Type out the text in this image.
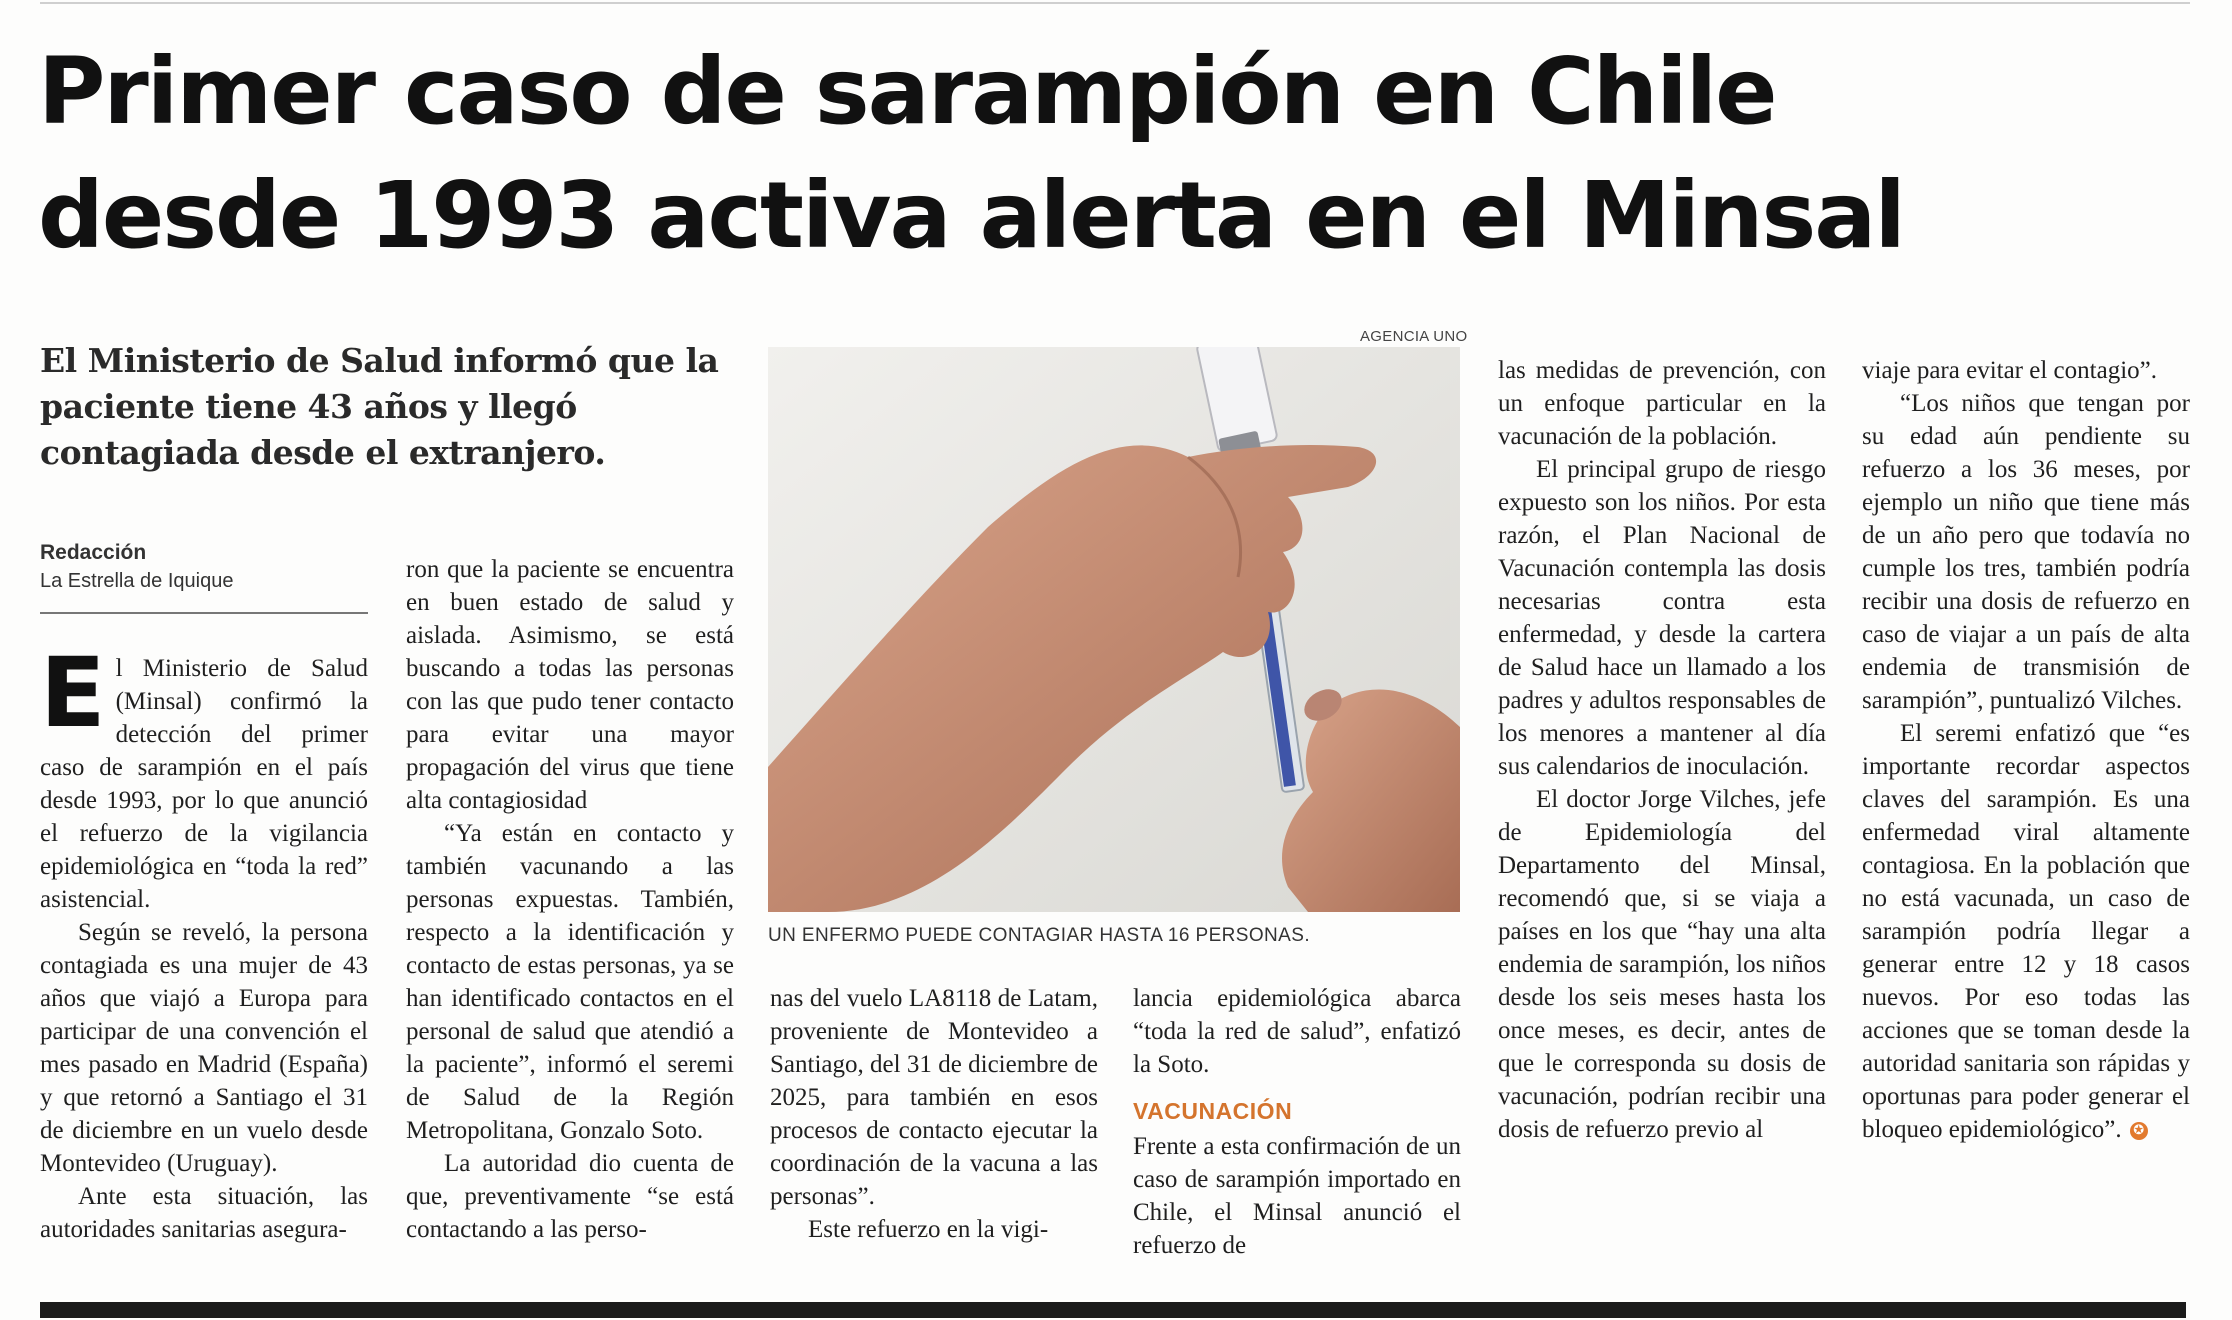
Primer caso de sarampión en Chile
desde 1993 activa alerta en el Minsal

El Ministerio de Salud informó que la paciente tiene 43 años y llegó contagiada desde el extranjero.

Redacción
La Estrella de Iquique

El Ministerio de Salud (Minsal) confirmó la detección del primer caso de sarampión en el país desde 1993, por lo que anunció el refuerzo de la vigilancia epidemiológica en “toda la red” asistencial.

Según se reveló, la persona contagiada es una mujer de 43 años que viajó a Europa para participar de una convención el mes pasado en Madrid (España) y que retornó a Santiago el 31 de diciembre en un vuelo desde Montevideo (Uruguay).

Ante esta situación, las autoridades sanitarias asegura-

ron que la paciente se encuentra en buen estado de salud y aislada. Asimismo, se está buscando a todas las personas con las que pudo tener contacto para evitar una mayor propagación del virus que tiene alta contagiosidad

“Ya están en contacto y también vacunando a las personas expuestas. También, respecto a la identificación y contacto de estas personas, ya se han identificado contactos en el personal de salud que atendió a la paciente”, informó el seremi de Salud de la Región Metropolitana, Gonzalo Soto.

La autoridad dio cuenta de que, preventivamente “se está contactando a las perso-

AGENCIA UNO
UN ENFERMO PUEDE CONTAGIAR HASTA 16 PERSONAS.

nas del vuelo LA8118 de Latam, proveniente de Montevideo a Santiago, del 31 de diciembre de 2025, para también en esos procesos de contacto ejecutar la coordinación de la vacuna a las personas”.

Este refuerzo en la vigi-

lancia epidemiológica abarca “toda la red de salud”, enfatizó la Soto.

VACUNACIÓN

Frente a esta confirmación de un caso de sarampión importado en Chile, el Minsal anunció el refuerzo de

las medidas de prevención, con un enfoque particular en la vacunación de la población.

El principal grupo de riesgo expuesto son los niños. Por esta razón, el Plan Nacional de Vacunación contempla las dosis necesarias contra esta enfermedad, y desde la cartera de Salud hace un llamado a los padres y adultos responsables de los menores a mantener al día sus calendarios de inoculación.

El doctor Jorge Vilches, jefe de Epidemiología del Departamento del Minsal, recomendó que, si se viaja a países en los que “hay una alta endemia de sarampión, los niños desde los seis meses hasta los once meses, es decir, antes de que le corresponda su dosis de vacunación, podrían recibir una dosis de refuerzo previo al

viaje para evitar el contagio”.

“Los niños que tengan por su edad aún pendiente su refuerzo a los 36 meses, por ejemplo un niño que tiene más de un año pero que todavía no cumple los tres, también podría recibir una dosis de refuerzo en caso de viajar a un país de alta endemia de transmisión de sarampión”, puntualizó Vilches.

El seremi enfatizó que “es importante recordar aspectos claves del sarampión. Es una enfermedad viral altamente contagiosa. En la población que no está vacunada, un caso de sarampión podría llegar a generar entre 12 y 18 casos nuevos. Por eso todas las acciones que se toman desde la autoridad sanitaria son rápidas y oportunas para poder generar el bloqueo epidemiológico”. ✪
